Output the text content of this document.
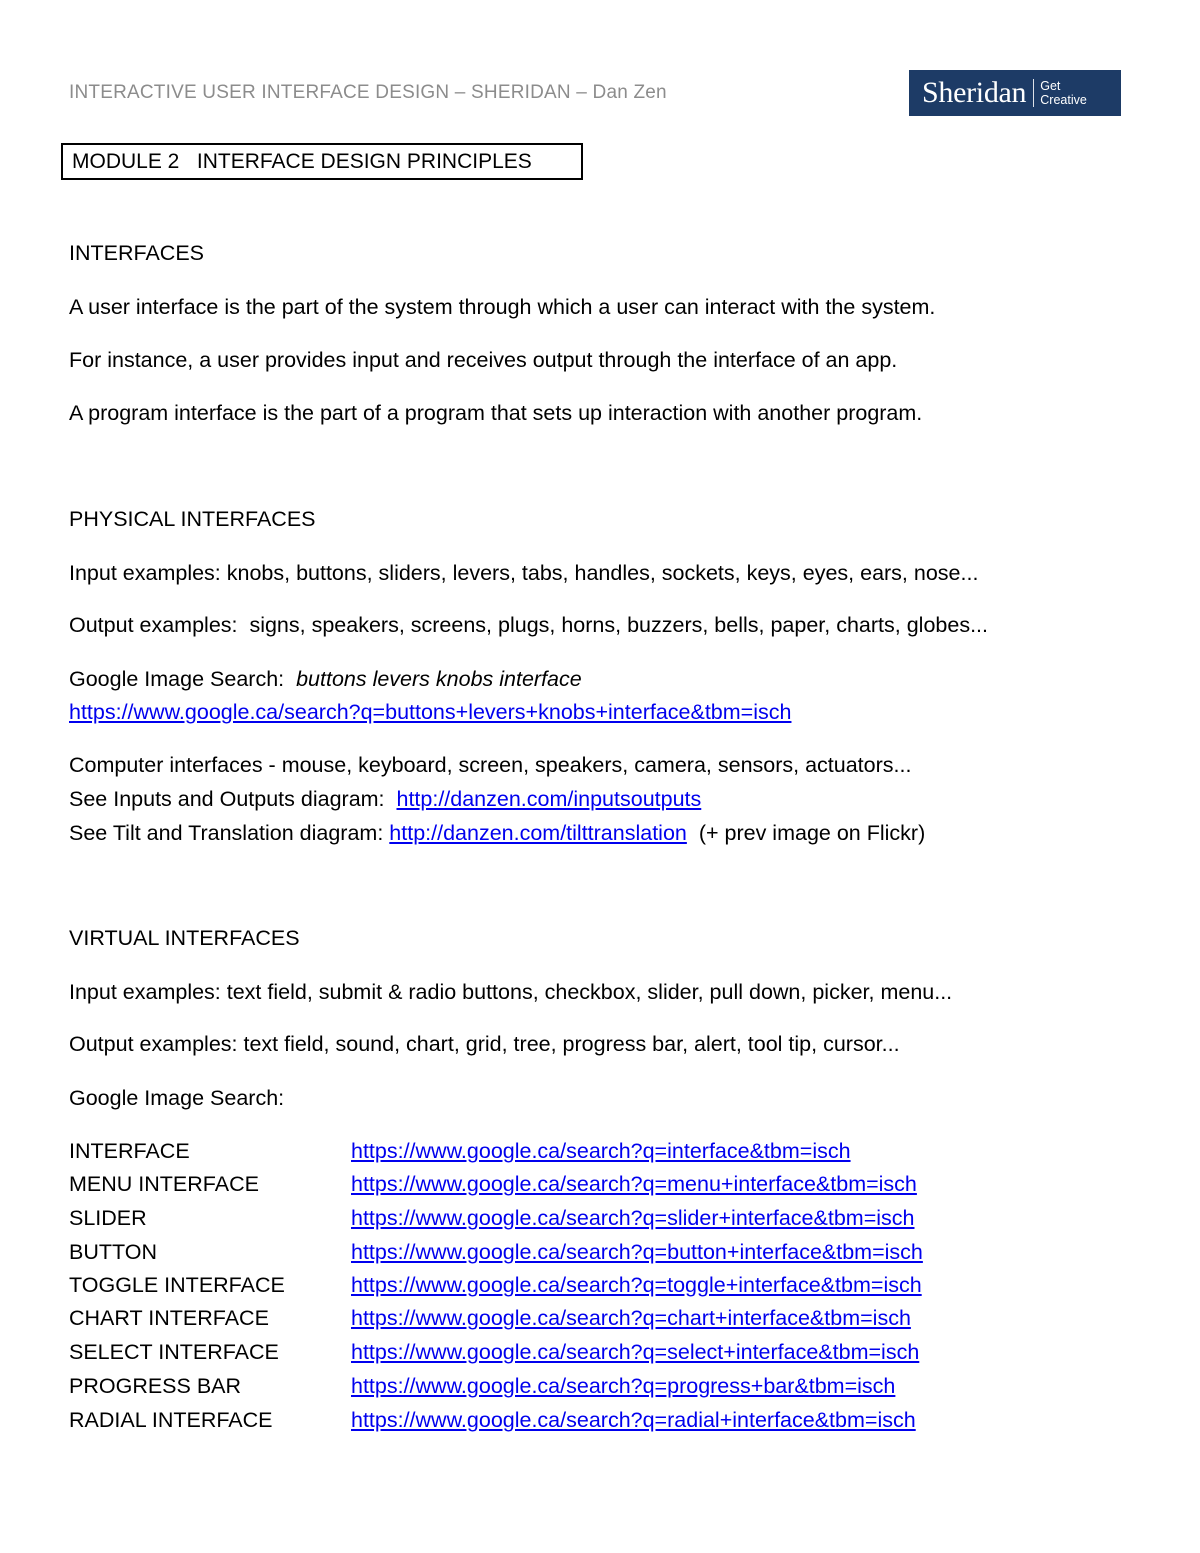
INTERACTIVE USER INTERFACE DESIGN – SHERIDAN – Dan Zen	Sheridan Get
Creative
MODULE 2   INTERFACE DESIGN PRINCIPLES
INTERFACES
A user interface is the part of the system through which a user can interact with the system.
For instance, a user provides input and receives output through the interface of an app.
A program interface is the part of a program that sets up interaction with another program.
PHYSICAL INTERFACES
Input examples: knobs, buttons, sliders, levers, tabs, handles, sockets, keys, eyes, ears, nose...
Output examples:  signs, speakers, screens, plugs, horns, buzzers, bells, paper, charts, globes...
Google Image Search:  buttons levers knobs interface
https://www.google.ca/search?q=buttons+levers+knobs+interface&tbm=isch
Computer interfaces - mouse, keyboard, screen, speakers, camera, sensors, actuators...
See Inputs and Outputs diagram:  http://danzen.com/inputsoutputs
See Tilt and Translation diagram: http://danzen.com/tilttranslation  (+ prev image on Flickr)
VIRTUAL INTERFACES
Input examples: text field, submit & radio buttons, checkbox, slider, pull down, picker, menu...
Output examples: text field, sound, chart, grid, tree, progress bar, alert, tool tip, cursor...
Google Image Search:
INTERFACE	https://www.google.ca/search?q=interface&tbm=isch
MENU INTERFACE	https://www.google.ca/search?q=menu+interface&tbm=isch
SLIDER	https://www.google.ca/search?q=slider+interface&tbm=isch
BUTTON	https://www.google.ca/search?q=button+interface&tbm=isch
TOGGLE INTERFACE	https://www.google.ca/search?q=toggle+interface&tbm=isch
CHART INTERFACE	https://www.google.ca/search?q=chart+interface&tbm=isch
SELECT INTERFACE	https://www.google.ca/search?q=select+interface&tbm=isch
PROGRESS BAR	https://www.google.ca/search?q=progress+bar&tbm=isch
RADIAL INTERFACE	https://www.google.ca/search?q=radial+interface&tbm=isch
